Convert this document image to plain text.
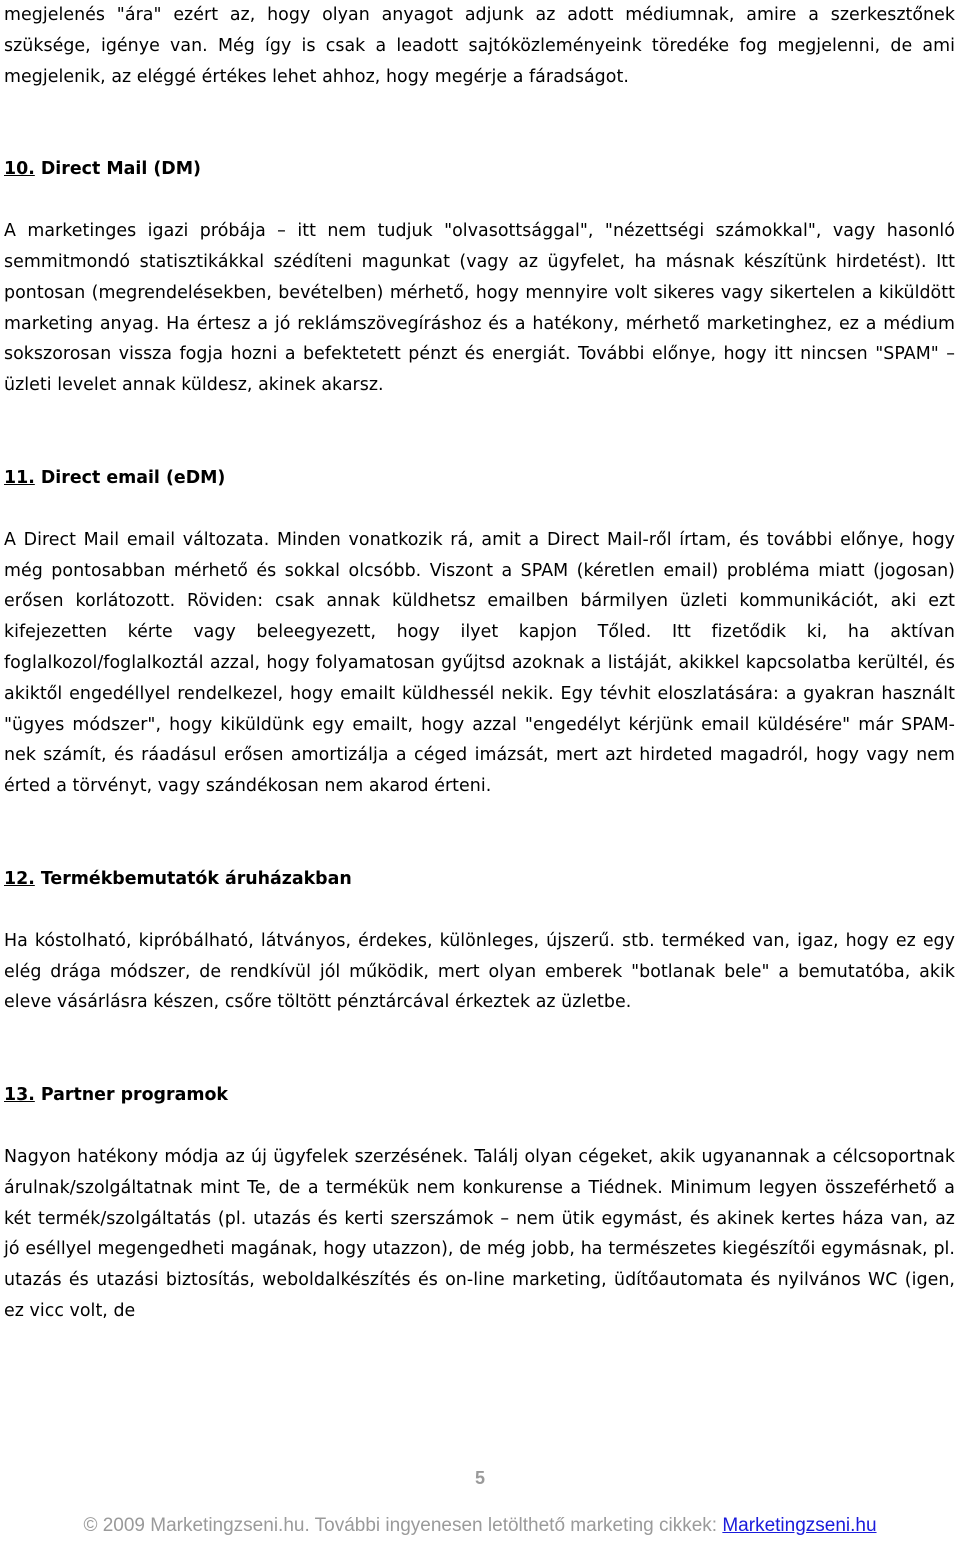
megjelenés "ára" ezért az, hogy olyan anyagot adjunk az adott médiumnak, amire a szerkesztőnek szüksége, igénye van. Még így is csak a leadott sajtóközleményeink töredéke fog megjelenni, de ami megjelenik, az eléggé értékes lehet ahhoz, hogy megérje a fáradságot.

10. Direct Mail (DM)

A marketinges igazi próbája – itt nem tudjuk "olvasottsággal", "nézettségi számokkal", vagy hasonló semmitmondó statisztikákkal szédíteni magunkat (vagy az ügyfelet, ha másnak készítünk hirdetést). Itt pontosan (megrendelésekben, bevételben) mérhető, hogy mennyire volt sikeres vagy sikertelen a kiküldött marketing anyag. Ha értesz a jó reklámszövegíráshoz és a hatékony, mérhető marketinghez, ez a médium sokszorosan vissza fogja hozni a befektetett pénzt és energiát. További előnye, hogy itt nincsen "SPAM" – üzleti levelet annak küldesz, akinek akarsz.

11. Direct email (eDM)

A Direct Mail email változata. Minden vonatkozik rá, amit a Direct Mail-ről írtam, és további előnye, hogy még pontosabban mérhető és sokkal olcsóbb. Viszont a SPAM (kéretlen email) probléma miatt (jogosan) erősen korlátozott. Röviden: csak annak küldhetsz emailben bármilyen üzleti kommunikációt, aki ezt kifejezetten kérte vagy beleegyezett, hogy ilyet kapjon Tőled. Itt fizetődik ki, ha aktívan foglalkozol/foglalkoztál azzal, hogy folyamatosan gyűjtsd azoknak a listáját, akikkel kapcsolatba kerültél, és akiktől engedéllyel rendelkezel, hogy emailt küldhessél nekik. Egy tévhit eloszlatására: a gyakran használt "ügyes módszer", hogy kiküldünk egy emailt, hogy azzal "engedélyt kérjünk email küldésére" már SPAM-nek számít, és ráadásul erősen amortizálja a céged imázsát, mert azt hirdeted magadról, hogy vagy nem érted a törvényt, vagy szándékosan nem akarod érteni.

12. Termékbemutatók áruházakban

Ha kóstolható, kipróbálható, látványos, érdekes, különleges, újszerű. stb. terméked van, igaz, hogy ez egy elég drága módszer, de rendkívül jól működik, mert olyan emberek "botlanak bele" a bemutatóba, akik eleve vásárlásra készen, csőre töltött pénztárcával érkeztek az üzletbe.

13. Partner programok

Nagyon hatékony módja az új ügyfelek szerzésének. Találj olyan cégeket, akik ugyanannak a célcsoportnak árulnak/szolgáltatnak mint Te, de a termékük nem konkurense a Tiédnek. Minimum legyen összeférhető a két termék/szolgáltatás (pl. utazás és kerti szerszámok – nem ütik egymást, és akinek kertes háza van, az jó eséllyel megengedheti magának, hogy utazzon), de még jobb, ha természetes kiegészítői egymásnak, pl. utazás és utazási biztosítás, weboldalkészítés és on-line marketing, üdítőautomata és nyilvános WC (igen, ez vicc volt, de

5
© 2009 Marketingzseni.hu. További ingyenesen letölthető marketing cikkek: Marketingzseni.hu
